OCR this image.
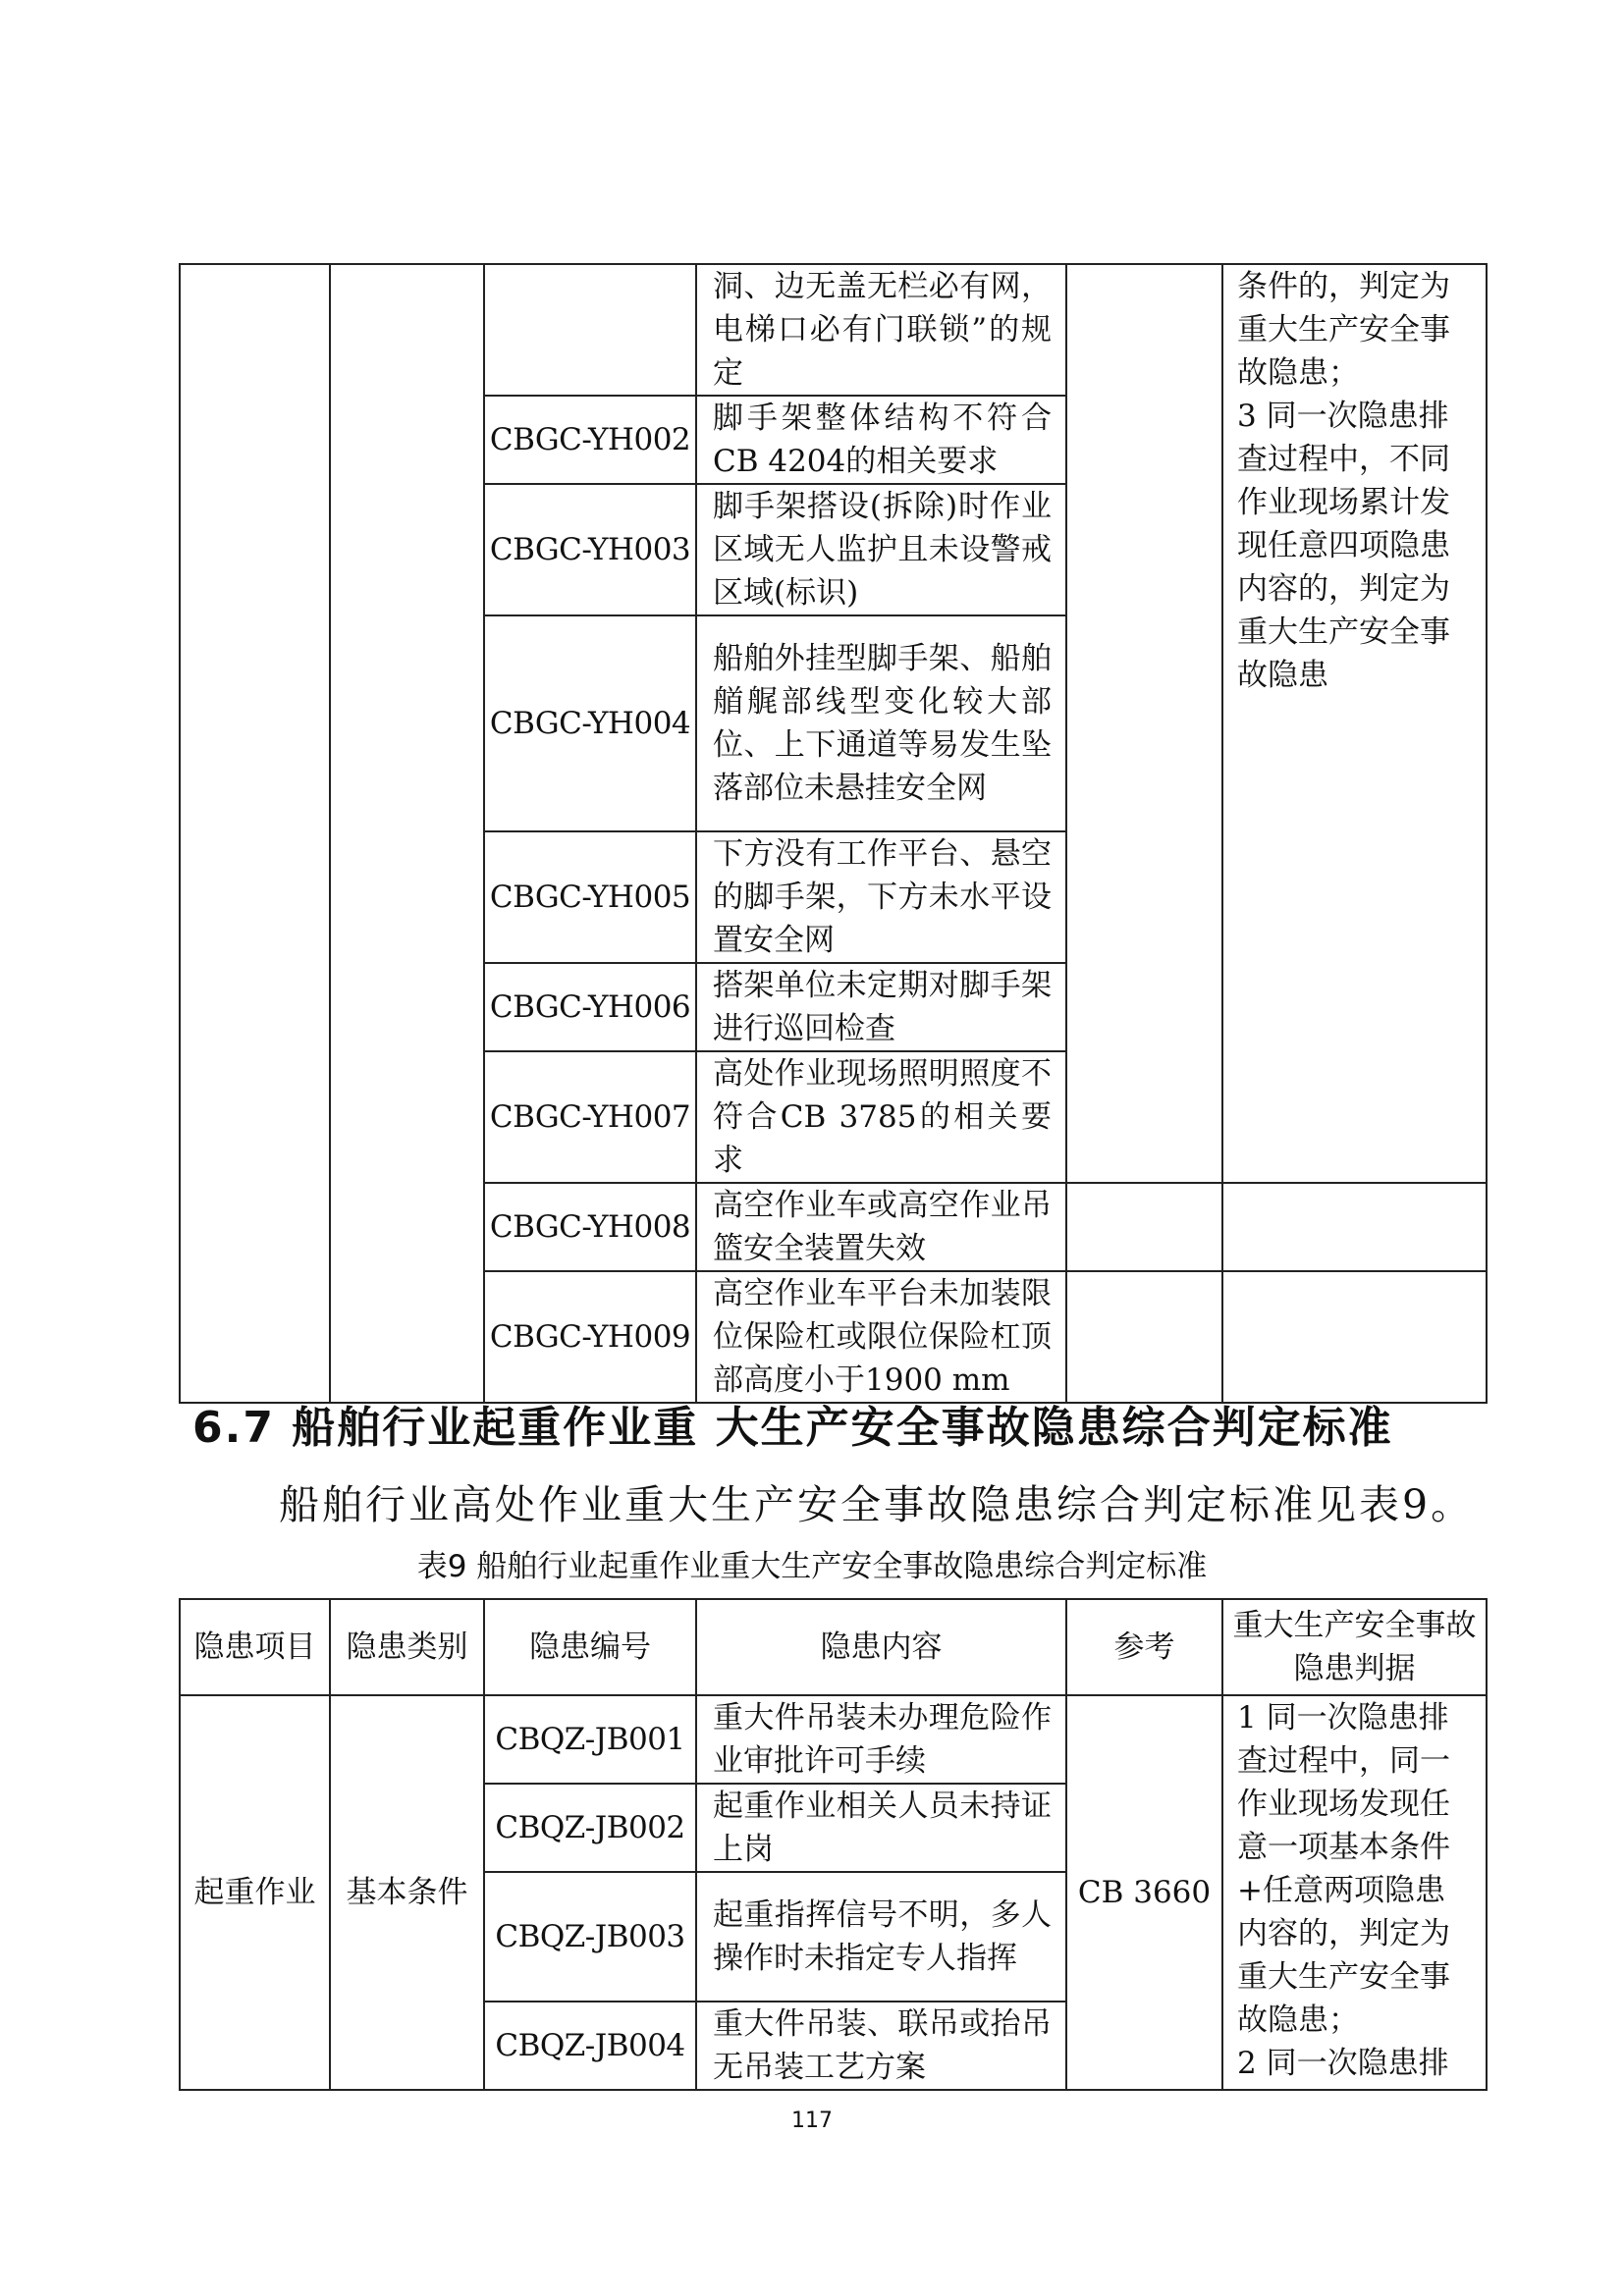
			洞、边无盖无栏必有网，电梯口必有门联锁”的规定		条件的，判定为重大生产安全事故隐患；
3 同一次隐患排查过程中，不同作业现场累计发现任意四项隐患内容的，判定为重大生产安全事故隐患

		CBGC-YH002	脚手架整体结构不符合CB 4204的相关要求		
		CBGC-YH003	脚手架搭设(拆除)时作业区域无人监护且未设警戒区域(标识)		
		CBGC-YH004	船舶外挂型脚手架、船舶艏艉部线型变化较大部位、上下通道等易发生坠落部位未悬挂安全网		
		CBGC-YH005	下方没有工作平台、悬空的脚手架，下方未水平设置安全网		
		CBGC-YH006	搭架单位未定期对脚手架进行巡回检查		
		CBGC-YH007	高处作业现场照明照度不符合CB 3785的相关要求		
		CBGC-YH008	高空作业车或高空作业吊篮安全装置失效		
		CBGC-YH009	高空作业车平台未加装限位保险杠或限位保险杠顶部高度小于1900 mm		
6.7 船舶行业起重作业重 大生产安全事故隐患综合判定标准
船舶行业高处作业重大生产安全事故隐患综合判定标准见表9。
表9 船舶行业起重作业重大生产安全事故隐患综合判定标准
隐患项目	隐患类别	隐患编号	隐患内容	参考	重大生产安全事故隐患判据
起重作业	基本条件	CBQZ-JB001	重大件吊装未办理危险作业审批许可手续	CB 3660	1 同一次隐患排查过程中，同一作业现场发现任意一项基本条件+任意两项隐患内容的，判定为重大生产安全事故隐患；
2 同一次隐患排

		CBQZ-JB002	起重作业相关人员未持证上岗		
		CBQZ-JB003	起重指挥信号不明，多人操作时未指定专人指挥		
		CBQZ-JB004	重大件吊装、联吊或抬吊无吊装工艺方案		
117
